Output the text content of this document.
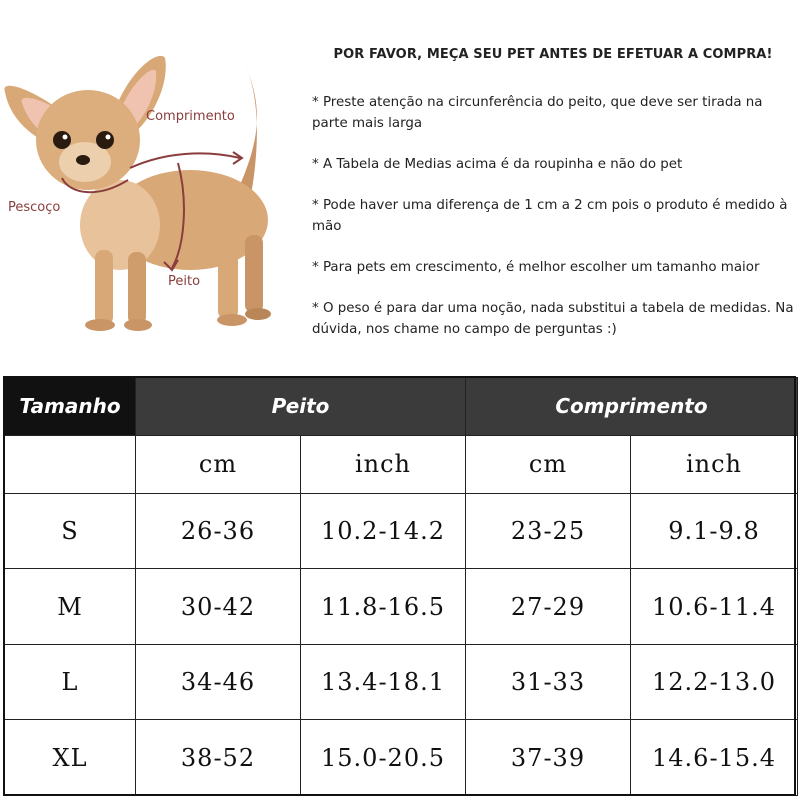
Comprimento
Pescoço
Peito
POR FAVOR, MEÇA SEU PET ANTES DE EFETUAR A COMPRA!

* Preste atenção na circunferência do peito, que deve ser tirada na parte mais larga

* A Tabela de Medias acima é da roupinha e não do pet

* Pode haver uma diferença de 1 cm a 2 cm pois o produto é medido à mão

* Para pets em crescimento, é melhor escolher um tamanho maior

* O peso é para dar uma noção, nada substitui a tabela de medidas. Na dúvida, nos chame no campo de perguntas :)

Tamanho	Peito		Comprimento	
	cm	inch	cm	inch
S	26-36	10.2-14.2	23-25	9.1-9.8
M	30-42	11.8-16.5	27-29	10.6-11.4
L	34-46	13.4-18.1	31-33	12.2-13.0
XL	38-52	15.0-20.5	37-39	14.6-15.4
